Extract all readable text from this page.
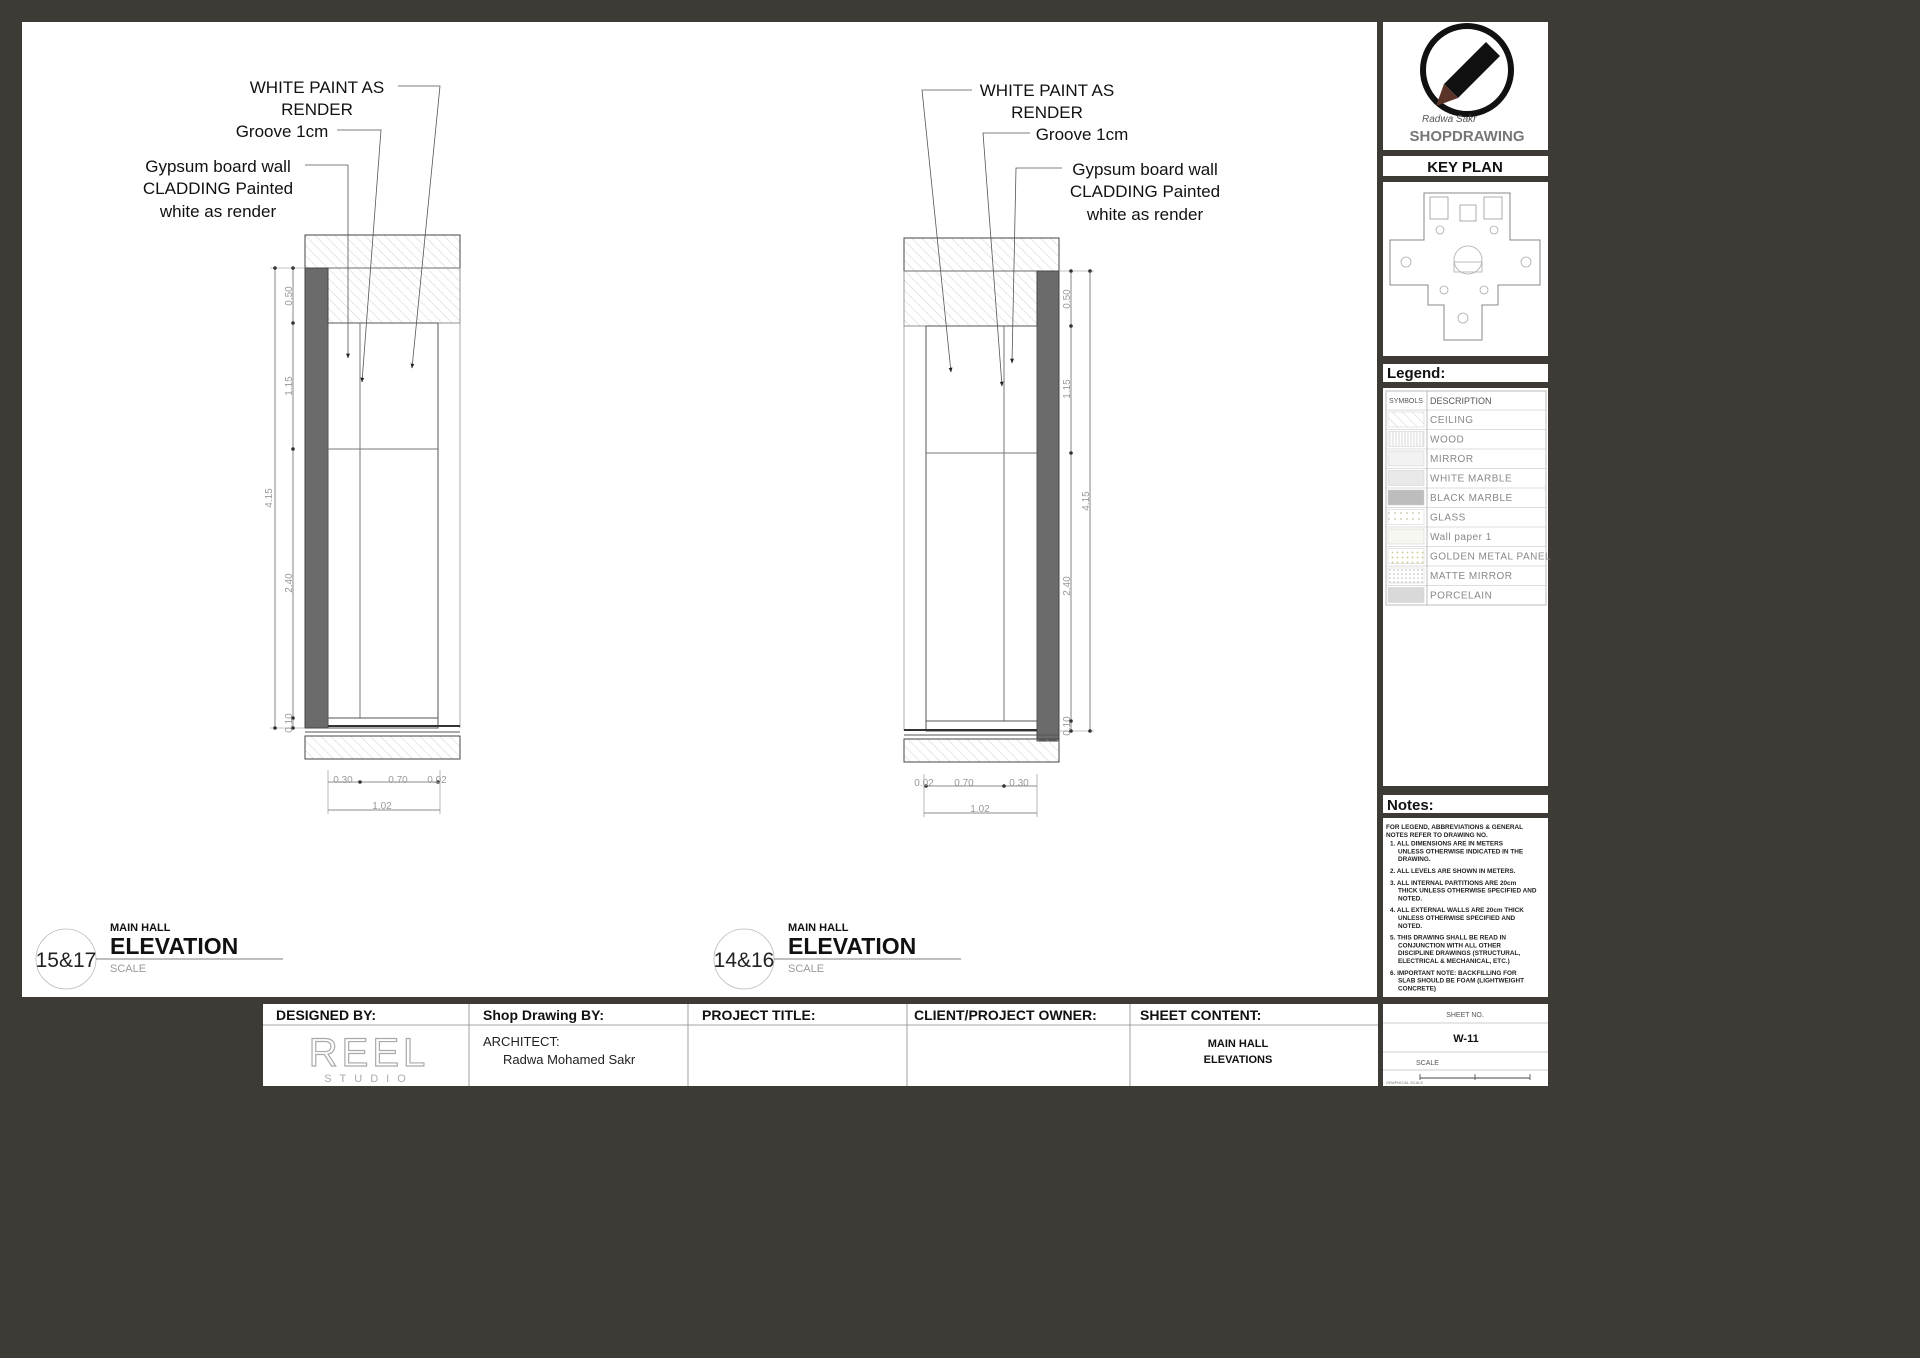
WHITE PAINT AS
RENDER
Groove 1cm
Gypsum board wall
CLADDING Painted
white as render
0.50
1.15
4.15
2.40
0.10
0.30	0.70 0.02
1.02
15&17
MAIN HALL
ELEVATION
SCALE
WHITE PAINT AS
RENDER
Groove 1cm
Gypsum board wall
CLADDING Painted
white as render
0.50
1.15
4.15
2.40
0.10
0.02 0.70	0.30
1.02
14&16
MAIN HALL
ELEVATION
SCALE
Radwa Sakr
SHOPDRAWING
KEY PLAN
Legend:
SYMBOLS DESCRIPTION
CEILING
WOOD
MIRROR
WHITE MARBLE
BLACK MARBLE
GLASS
Wall paper 1
GOLDEN METAL PANEL
MATTE MIRROR
PORCELAIN
Notes:
FOR LEGEND, ABBREVIATIONS & GENERAL
NOTES REFER TO DRAWING NO.
1. ALL DIMENSIONS ARE IN METERS
UNLESS OTHERWISE INDICATED IN THE
DRAWING.
2. ALL LEVELS ARE SHOWN IN METERS.
3. ALL INTERNAL PARTITIONS ARE 20cm
THICK UNLESS OTHERWISE SPECIFIED AND
NOTED.
4. ALL EXTERNAL WALLS ARE 20cm THICK
UNLESS OTHERWISE SPECIFIED AND
NOTED.
5. THIS DRAWING SHALL BE READ IN
CONJUNCTION WITH ALL OTHER
DISCIPLINE DRAWINGS (STRUCTURAL,
ELECTRICAL & MECHANICAL, ETC.)
6. IMPORTANT NOTE: BACKFILLING FOR
SLAB SHOULD BE FOAM (LIGHTWEIGHT
CONCRETE)
DESIGNED BY:
REEL
STUDIO
Shop Drawing BY:
ARCHITECT:
Radwa Mohamed Sakr
PROJECT TITLE:	CLIENT/PROJECT OWNER:	SHEET CONTENT:
MAIN HALL
ELEVATIONS
SHEET NO.
W-11
SCALE
GRAPHICAL SCALE
